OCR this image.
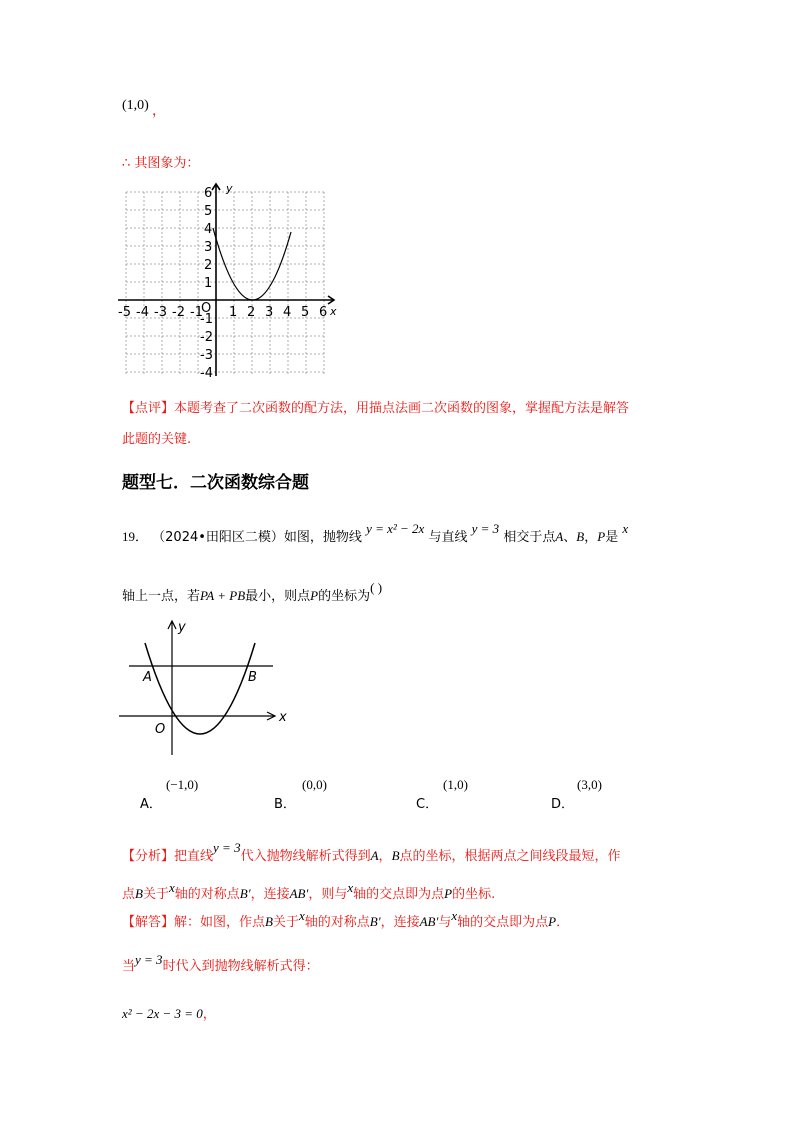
(1,0) ，
∴ 其图象为：
y
x
O
-5 -4 -3 -2 -1 1 2 3 4 5 6
6
5
4
3
2
1
-1
-2
-3
-4
【点评】本题考查了二次函数的配方法，用描点法画二次函数的图象，掌握配方法是解答
此题的关键.
题型七．二次函数综合题
19． （2024•田阳区二模）如图，抛物线 y = x² − 2x 与直线 y = 3 相交于点A、B，P是 x
轴上一点，若PA + PB最小，则点P的坐标为( )
y
x
O
A	B
(−1,0)
A．
(0,0)
B．
(1,0)
C．
(3,0)
D．
【分析】把直线y = 3代入抛物线解析式得到A，B点的坐标，根据两点之间线段最短，作
点B关于x轴的对称点B′，连接AB′，则与x轴的交点即为点P的坐标.
【解答】解：如图，作点B关于x轴的对称点B′，连接AB′与x轴的交点即为点P．
当y = 3时代入到抛物线解析式得：
x² − 2x − 3 = 0，
